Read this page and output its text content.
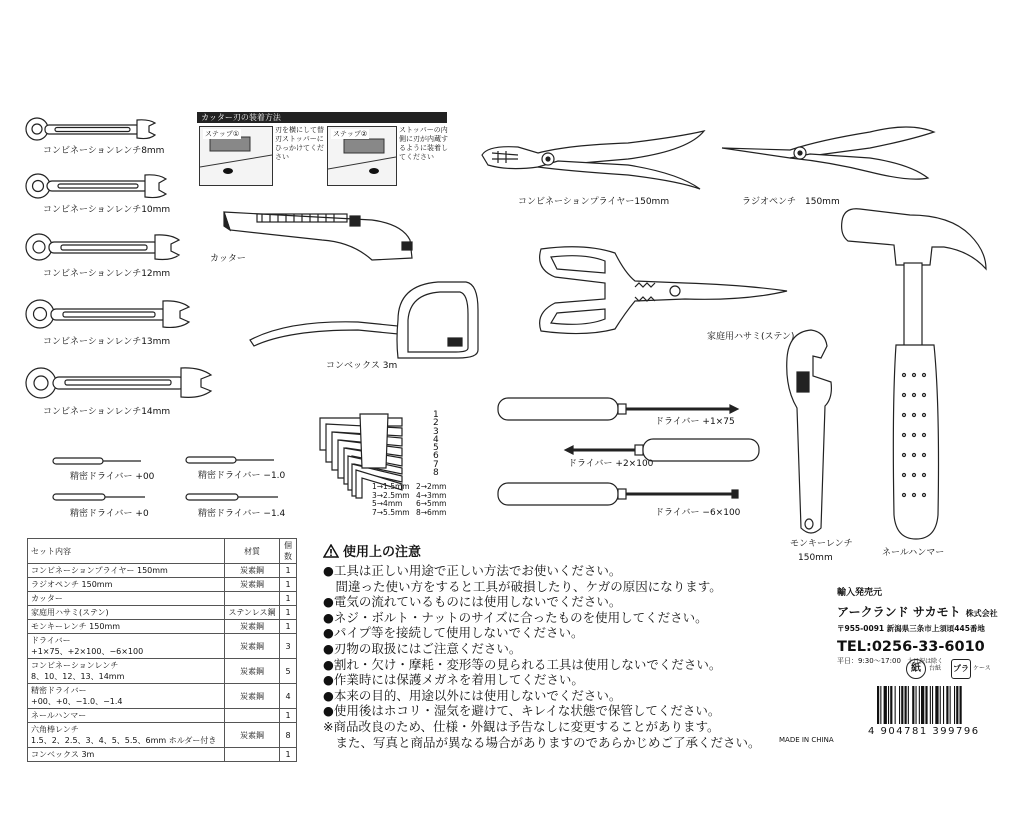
コンビネーションレンチ8mm
コンビネーションレンチ10mm
コンビネーションレンチ12mm
コンビネーションレンチ13mm
コンビネーションレンチ14mm
精密ドライバー +00	精密ドライバー −1.0
精密ドライバー +0	精密ドライバー −1.4
カッター刃の装着方法
ステップ①	刃を横にして替刃ストッパーにひっかけてください
ステップ②	ストッパーの内側に刃が内蔵するように装着してください
カッター
コンベックス 3m
1
2
3
4
5
6
7
8
1→1.5mm 2→2mm
3→2.5mm 4→3mm
5→4mm	6→5mm
7→5.5mm 8→6mm
コンビネーションプライヤー150mm	ラジオペンチ　150mm
家庭用ハサミ(ステン)
ドライバー +1×75
ドライバー +2×100
ドライバー −6×100
モンキーレンチ
150mm	ネールハンマー
セット内容	材質	個数
コンビネーションプライヤー 150mm	炭素鋼	1
ラジオペンチ 150mm	炭素鋼	1
カッター		1
家庭用ハサミ(ステン)	ステンレス鋼	1
モンキーレンチ 150mm	炭素鋼	1

ドライバー
+1×75、+2×100、−6×100	炭素鋼	3

コンビネーションレンチ
8、10、12、13、14mm	炭素鋼	5

精密ドライバー
+00、+0、−1.0、−1.4	炭素鋼	4
ネールハンマー		1

六角棒レンチ
1.5、2、2.5、3、4、5、5.5、6mm ホルダー付き	炭素鋼	8
コンベックス 3m		1
使用上の注意
●工具は正しい用途で正しい方法でお使いください。
　間違った使い方をすると工具が破損したり、ケガの原因になります。
●電気の流れているものには使用しないでください。
●ネジ・ボルト・ナットのサイズに合ったものを使用してください。
●パイプ等を接続して使用しないでください。
●刃物の取扱にはご注意ください。
●割れ・欠け・摩耗・変形等の見られる工具は使用しないでください。
●作業時には保護メガネを着用してください。
●本来の目的、用途以外には使用しないでください。
●使用後はホコリ・湿気を避けて、キレイな状態で保管してください。
※商品改良のため、仕様・外観は予告なしに変更することがあります。
　また、写真と商品が異なる場合がありますのであらかじめご了承ください。	MADE IN CHINA
輸入発売元
アークランド サカモト 株式会社
〒955-0091 新潟県三条市上須頃445番地
TEL:0256-33-6010
平日：9:30〜17:00 土日祝は除く
紙	台紙 プラ ケース
4 904781 399796
